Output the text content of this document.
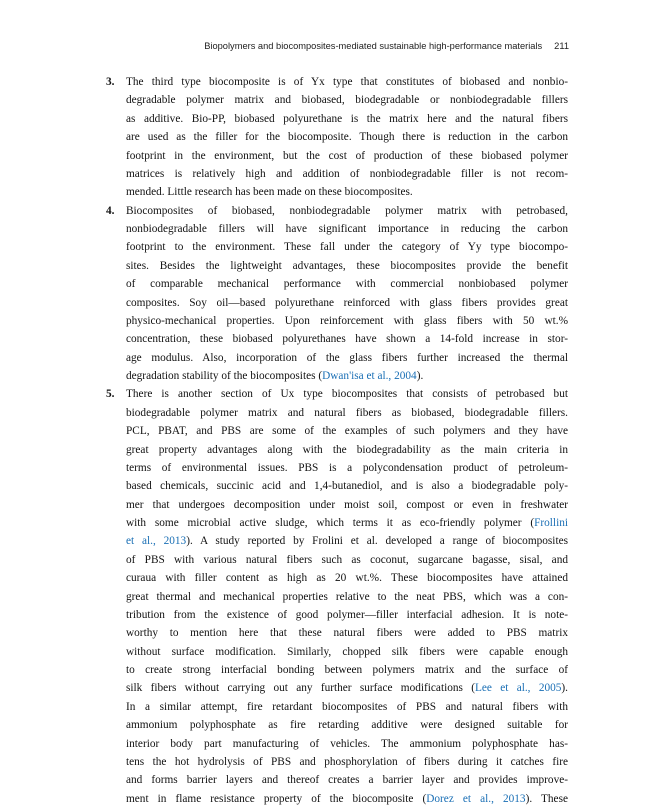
Biopolymers and biocomposites-mediated sustainable high-performance materials 211
3. The third type biocomposite is of Yx type that constitutes of biobased and nonbio-
degradable polymer matrix and biobased, biodegradable or nonbiodegradable fillers
as additive. Bio-PP, biobased polyurethane is the matrix here and the natural fibers
are used as the filler for the biocomposite. Though there is reduction in the carbon
footprint in the environment, but the cost of production of these biobased polymer
matrices is relatively high and addition of nonbiodegradable filler is not recom-
mended. Little research has been made on these biocomposites.
4. Biocomposites of biobased, nonbiodegradable polymer matrix with petrobased,
nonbiodegradable fillers will have significant importance in reducing the carbon
footprint to the environment. These fall under the category of Yy type biocompo-
sites. Besides the lightweight advantages, these biocomposites provide the benefit
of comparable mechanical performance with commercial nonbiobased polymer
composites. Soy oil—based polyurethane reinforced with glass fibers provides great
physico-mechanical properties. Upon reinforcement with glass fibers with 50 wt.%
concentration, these biobased polyurethanes have shown a 14-fold increase in stor-
age modulus. Also, incorporation of the glass fibers further increased the thermal
degradation stability of the biocomposites (Dwan'isa et al., 2004).
5. There is another section of Ux type biocomposites that consists of petrobased but
biodegradable polymer matrix and natural fibers as biobased, biodegradable fillers.
PCL, PBAT, and PBS are some of the examples of such polymers and they have
great property advantages along with the biodegradability as the main criteria in
terms of environmental issues. PBS is a polycondensation product of petroleum-
based chemicals, succinic acid and 1,4-butanediol, and is also a biodegradable poly-
mer that undergoes decomposition under moist soil, compost or even in freshwater
with some microbial active sludge, which terms it as eco-friendly polymer (Frollini
et al., 2013). A study reported by Frolini et al. developed a range of biocomposites
of PBS with various natural fibers such as coconut, sugarcane bagasse, sisal, and
curaua with filler content as high as 20 wt.%. These biocomposites have attained
great thermal and mechanical properties relative to the neat PBS, which was a con-
tribution from the existence of good polymer—filler interfacial adhesion. It is note-
worthy to mention here that these natural fibers were added to PBS matrix
without surface modification. Similarly, chopped silk fibers were capable enough
to create strong interfacial bonding between polymers matrix and the surface of
silk fibers without carrying out any further surface modifications (Lee et al., 2005).
In a similar attempt, fire retardant biocomposites of PBS and natural fibers with
ammonium polyphosphate as fire retarding additive were designed suitable for
interior body part manufacturing of vehicles. The ammonium polyphosphate has-
tens the hot hydrolysis of PBS and phosphorylation of fibers during it catches fire
and forms barrier layers and thereof creates a barrier layer and provides improve-
ment in flame resistance property of the biocomposite (Dorez et al., 2013). These
